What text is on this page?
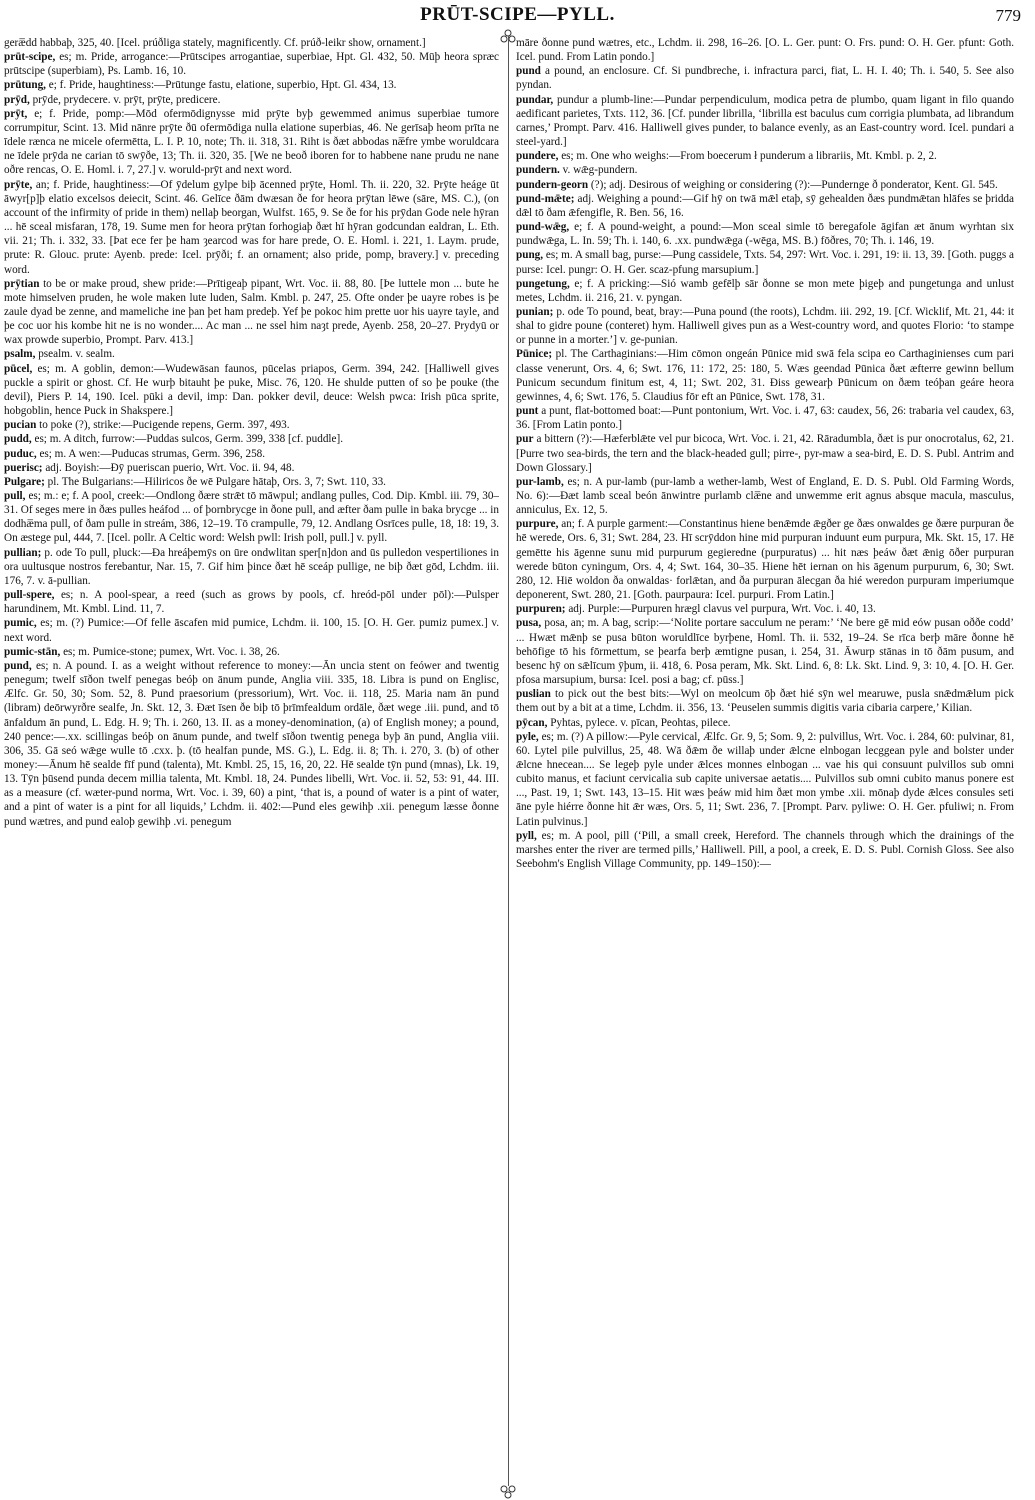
PRŪT-SCIPE—PYLL.	779

geræ̅dd habbaþ, 325, 40. [Icel. prúðliga stately, magnificently. Cf. prúð-leikr show, ornament.]

prūt-scipe, es; m. Pride, arrogance:—Prūtscipes arrogantiae, superbiae, Hpt. Gl. 432, 50. Mūþ heora spræc prūtscipe (superbiam), Ps. Lamb. 16, 10.

prūtung, e; f. Pride, haughtiness:—Prūtunge fastu, elatione, superbio, Hpt. Gl. 434, 13.

prȳd, prȳde, prydecere. v. prȳt, prȳte, predicere.

prȳt, e; f. Pride, pomp:—Mōd ofermōdignysse mid prȳte byþ gewemmed animus superbiae tumore corrumpitur, Scint. 13. Mid nānre prȳte ðū ofermōdiga nulla elatione superbias, 46. Ne gerīsaþ heom prīta ne īdele rænca ne micele ofermētta, L. I. P. 10, note; Th. ii. 318, 31. Riht is ðæt abbodas næ̅fre ymbe woruldcara ne īdele prȳda ne carian tō swȳðe, 13; Th. ii. 320, 35. [We ne beoð iboren for to habbene nane prudu ne nane oðre rencas, O. E. Homl. i. 7, 27.] v. woruld-prȳt and next word.

prȳte, an; f. Pride, haughtiness:—Of ȳdelum gylpe biþ ācenned prȳte, Homl. Th. ii. 220, 32. Prȳte heáge ūt āwyr[p]þ elatio excelsos deiecit, Scint. 46. Gelīce ðām dwæsan ðe for heora prȳtan lēwe (sāre, MS. C.), (on account of the infirmity of pride in them) nellaþ beorgan, Wulfst. 165, 9. Se ðe for his prȳdan Gode nele hȳran ... hē sceal misfaran, 178, 19. Sume men for heora prȳtan forhogiaþ ðæt hī hȳran godcundan ealdran, L. Eth. vii. 21; Th. i. 332, 33. [Þat ece fer þe ham ȝearcod was for hare prede, O. E. Homl. i. 221, 1. Laym. prude, prute: R. Glouc. prute: Ayenb. prede: Icel. prȳði; f. an ornament; also pride, pomp, bravery.] v. preceding word.

prȳtian to be or make proud, shew pride:—Prītigeaþ pipant, Wrt. Voc. ii. 88, 80. [Þe luttele mon ... bute he mote himselven pruden, he wole maken lute luden, Salm. Kmbl. p. 247, 25. Ofte onder þe uayre robes is þe zaule dyad be zenne, and mameliche ine þan þet ham predeþ. Yef þe pokoc him prette uor his uayre tayle, and þe coc uor his kombe hit ne is no wonder.... Ac man ... ne ssel him naȝt prede, Ayenb. 258, 20–27. Prydyū or wax prowde superbio, Prompt. Parv. 413.]

psalm, psealm. v. sealm.

pūcel, es; m. A goblin, demon:—Wudewāsan faunos, pūcelas priapos, Germ. 394, 242. [Halliwell gives puckle a spirit or ghost. Cf. He wurþ bitauht þe puke, Misc. 76, 120. He shulde putten of so þe pouke (the devil), Piers P. 14, 190. Icel. pūki a devil, imp: Dan. pokker devil, deuce: Welsh pwca: Irish pūca sprite, hobgoblin, hence Puck in Shakspere.]

pucian to poke (?), strike:—Pucigende repens, Germ. 397, 493.

pudd, es; m. A ditch, furrow:—Puddas sulcos, Germ. 399, 338 [cf. puddle].

puduc, es; m. A wen:—Puducas strumas, Germ. 396, 258.

puerisc; adj. Boyish:—Ðȳ pueriscan puerio, Wrt. Voc. ii. 94, 48.

Pulgare; pl. The Bulgarians:—Hiliricos ðe wē Pulgare hātaþ, Ors. 3, 7; Swt. 110, 33.

pull, es; m.: e; f. A pool, creek:—Ondlong ðære strǣt tō māwpul; andlang pulles, Cod. Dip. Kmbl. iii. 79, 30–31. Of seges mere in ðæs pulles heáfod ... of þornbrycge in ðone pull, and æfter ðam pulle in baka brycge ... in dodhæ̅ma pull, of ðam pulle in streám, 386, 12–19. Tō crampulle, 79, 12. Andlang Osrīces pulle, 18, 18: 19, 3. On æstege pul, 444, 7. [Icel. pollr. A Celtic word: Welsh pwll: Irish poll, pull.] v. pyll.

pullian; p. ode To pull, pluck:—Ða hreáþemȳs on ūre ondwlitan sper[n]don and ūs pulledon vespertiliones in ora uultusque nostros ferebantur, Nar. 15, 7. Gif him þince ðæt hē sceáp pullige, ne biþ ðæt gōd, Lchdm. iii. 176, 7. v. ā-pullian.

pull-spere, es; n. A pool-spear, a reed (such as grows by pools, cf. hreód-pōl under pōl):—Pulsper harundinem, Mt. Kmbl. Lind. 11, 7.

pumic, es; m. (?) Pumice:—Of felle āscafen mid pumice, Lchdm. ii. 100, 15. [O. H. Ger. pumiz pumex.] v. next word.

pumic-stān, es; m. Pumice-stone; pumex, Wrt. Voc. i. 38, 26.

pund, es; n. A pound. I. as a weight without reference to money:—Ān uncia stent on feówer and twentig penegum; twelf sīðon twelf penegas beóþ on ānum punde, Anglia viii. 335, 18. Libra is pund on Englisc, Ælfc. Gr. 50, 30; Som. 52, 8. Pund praesorium (pressorium), Wrt. Voc. ii. 118, 25. Maria nam ān pund (libram) deōrwyrðre sealfe, Jn. Skt. 12, 3. Ðæt īsen ðe biþ tō þrīmfealdum ordāle, ðæt wege .iii. pund, and tō ānfaldum ān pund, L. Edg. H. 9; Th. i. 260, 13. II. as a money-denomination, (a) of English money; a pound, 240 pence:—.xx. scillingas beóþ on ānum punde, and twelf sīðon twentig penega byþ ān pund, Anglia viii. 306, 35. Gā seó wǣge wulle tō .cxx. þ. (tō healfan punde, MS. G.), L. Edg. ii. 8; Th. i. 270, 3. (b) of other money:—Ānum hē sealde fīf pund (talenta), Mt. Kmbl. 25, 15, 16, 20, 22. Hē sealde tȳn pund (mnas), Lk. 19, 13. Tȳn þūsend punda decem millia talenta, Mt. Kmbl. 18, 24. Pundes libelli, Wrt. Voc. ii. 52, 53: 91, 44. III. as a measure (cf. wæter-pund norma, Wrt. Voc. i. 39, 60) a pint, ‘that is, a pound of water is a pint of water, and a pint of water is a pint for all liquids,’ Lchdm. ii. 402:—Pund eles gewihþ .xii. penegum læsse ðonne pund wætres, and pund ealoþ gewihþ .vi. penegum

māre ðonne pund wætres, etc., Lchdm. ii. 298, 16–26. [O. L. Ger. punt: O. Frs. pund: O. H. Ger. pfunt: Goth. Icel. pund. From Latin pondo.]

pund a pound, an enclosure. Cf. Si pundbreche, i. infractura parci, fiat, L. H. I. 40; Th. i. 540, 5. See also pyndan.

pundar, pundur a plumb-line:—Pundar perpendiculum, modica petra de plumbo, quam ligant in filo quando aedificant parietes, Txts. 112, 36. [Cf. punder librilla, ‘librilla est baculus cum corrigia plumbata, ad librandum carnes,’ Prompt. Parv. 416. Halliwell gives punder, to balance evenly, as an East-country word. Icel. pundari a steel-yard.]

pundere, es; m. One who weighs:—From boecerum ł punderum a librariis, Mt. Kmbl. p. 2, 2.

pundern. v. wǣg-pundern.

pundern-georn (?); adj. Desirous of weighing or considering (?):—Pundernge ð ponderator, Kent. Gl. 545.

pund-mǣte; adj. Weighing a pound:—Gif hȳ on twā mǣl etaþ, sȳ gehealden ðæs pundmǣtan hlāfes se þridda dǣl tō ðam ǣfengifle, R. Ben. 56, 16.

pund-wǣg, e; f. A pound-weight, a pound:—Mon sceal simle tō beregafole āgifan æt ānum wyrhtan six pundwǣga, L. In. 59; Th. i. 140, 6. .xx. pundwǣga (-wēga, MS. B.) fōðres, 70; Th. i. 146, 19.

pung, es; m. A small bag, purse:—Pung cassidele, Txts. 54, 297: Wrt. Voc. i. 291, 19: ii. 13, 39. [Goth. puggs a purse: Icel. pungr: O. H. Ger. scaz-pfung marsupium.]

pungetung, e; f. A pricking:—Sió wamb gefēlþ sār ðonne se mon mete þigeþ and pungetunga and unlust metes, Lchdm. ii. 216, 21. v. pyngan.

punian; p. ode To pound, beat, bray:—Puna pound (the roots), Lchdm. iii. 292, 19. [Cf. Wicklif, Mt. 21, 44: it shal to gidre poune (conteret) hym. Halliwell gives pun as a West-country word, and quotes Florio: ‘to stampe or punne in a morter.’] v. ge-punian.

Pūnice; pl. The Carthaginians:—Him cōmon ongeán Pūnice mid swā fela scipa eo Carthaginienses cum pari classe venerunt, Ors. 4, 6; Swt. 176, 11: 172, 25: 180, 5. Wæs geendad Pūnica ðæt æfterre gewinn bellum Punicum secundum finitum est, 4, 11; Swt. 202, 31. Ðiss gewearþ Pūnicum on ðæm teóþan geáre heora gewinnes, 4, 6; Swt. 176, 5. Claudius fōr eft an Pūnice, Swt. 178, 31.

punt a punt, flat-bottomed boat:—Punt pontonium, Wrt. Voc. i. 47, 63: caudex, 56, 26: trabaria vel caudex, 63, 36. [From Latin ponto.]

pur a bittern (?):—Hæferblǣte vel pur bicoca, Wrt. Voc. i. 21, 42. Rāradumbla, ðæt is pur onocrotalus, 62, 21. [Purre two sea-birds, the tern and the black-headed gull; pirre-, pyr-maw a sea-bird, E. D. S. Publ. Antrim and Down Glossary.]

pur-lamb, es; n. A pur-lamb (pur-lamb a wether-lamb, West of England, E. D. S. Publ. Old Farming Words, No. 6):—Ðæt lamb sceal beón ānwintre purlamb clæ̅ne and unwemme erit agnus absque macula, masculus, anniculus, Ex. 12, 5.

purpure, an; f. A purple garment:—Constantinus hiene benǣmde ǣgðer ge ðæs onwaldes ge ðære purpuran ðe hē werede, Ors. 6, 31; Swt. 284, 23. Hī scrȳddon hine mid purpuran induunt eum purpura, Mk. Skt. 15, 17. Hē gemētte his āgenne sunu mid purpurum gegieredne (purpuratus) ... hit næs þeáw ðæt ǣnig ōðer purpuran werede būton cyningum, Ors. 4, 4; Swt. 164, 30–35. Hiene hēt iernan on his āgenum purpurum, 6, 30; Swt. 280, 12. Hiē woldon ða onwaldas· forlǣtan, and ða purpuran ālecgan ða hié weredon purpuram imperiumque deponerent, Swt. 280, 21. [Goth. paurpaura: Icel. purpuri. From Latin.]

purpuren; adj. Purple:—Purpuren hrægl clavus vel purpura, Wrt. Voc. i. 40, 13.

pusa, posa, an; m. A bag, scrip:—‘Nolite portare sacculum ne peram:’ ‘Ne bere gē mid eów pusan oððe codd’ ... Hwæt mǣnþ se pusa būton woruldlīce byrþene, Homl. Th. ii. 532, 19–24. Se rīca berþ māre ðonne hē behōfige tō his fōrmettum, se þearfa berþ æmtigne pusan, i. 254, 31. Āwurp stānas in tō ðām pusum, and besenc hȳ on sǣlīcum ȳþum, ii. 418, 6. Posa peram, Mk. Skt. Lind. 6, 8: Lk. Skt. Lind. 9, 3: 10, 4. [O. H. Ger. pfosa marsupium, bursa: Icel. posi a bag; cf. pūss.]

puslian to pick out the best bits:—Wyl on meolcum ōþ ðæt hié sȳn wel mearuwe, pusla snǣdmǣlum pick them out by a bit at a time, Lchdm. ii. 356, 13. ‘Peuselen summis digitis varia cibaria carpere,’ Kilian.

pȳcan, Pyhtas, pylece. v. pīcan, Peohtas, pilece.

pyle, es; m. (?) A pillow:—Pyle cervical, Ælfc. Gr. 9, 5; Som. 9, 2: pulvillus, Wrt. Voc. i. 284, 60: pulvinar, 81, 60. Lytel pile pulvillus, 25, 48. Wā ðǣm ðe willaþ under ǣlcne elnbogan lecggean pyle and bolster under ǣlcne hnecean.... Se legeþ pyle under ǣlces monnes elnbogan ... vae his qui consuunt pulvillos sub omni cubito manus, et faciunt cervicalia sub capite universae aetatis.... Pulvillos sub omni cubito manus ponere est ..., Past. 19, 1; Swt. 143, 13–15. Hit wæs þeáw mid him ðæt mon ymbe .xii. mōnaþ dyde ǣlces consules seti āne pyle hiérre ðonne hit ǣr wæs, Ors. 5, 11; Swt. 236, 7. [Prompt. Parv. pyliwe: O. H. Ger. pfuliwi; n. From Latin pulvinus.]

pyll, es; m. A pool, pill (‘Pill, a small creek, Hereford. The channels through which the drainings of the marshes enter the river are termed pills,’ Halliwell. Pill, a pool, a creek, E. D. S. Publ. Cornish Gloss. See also Seebohm's English Village Community, pp. 149–150):—
